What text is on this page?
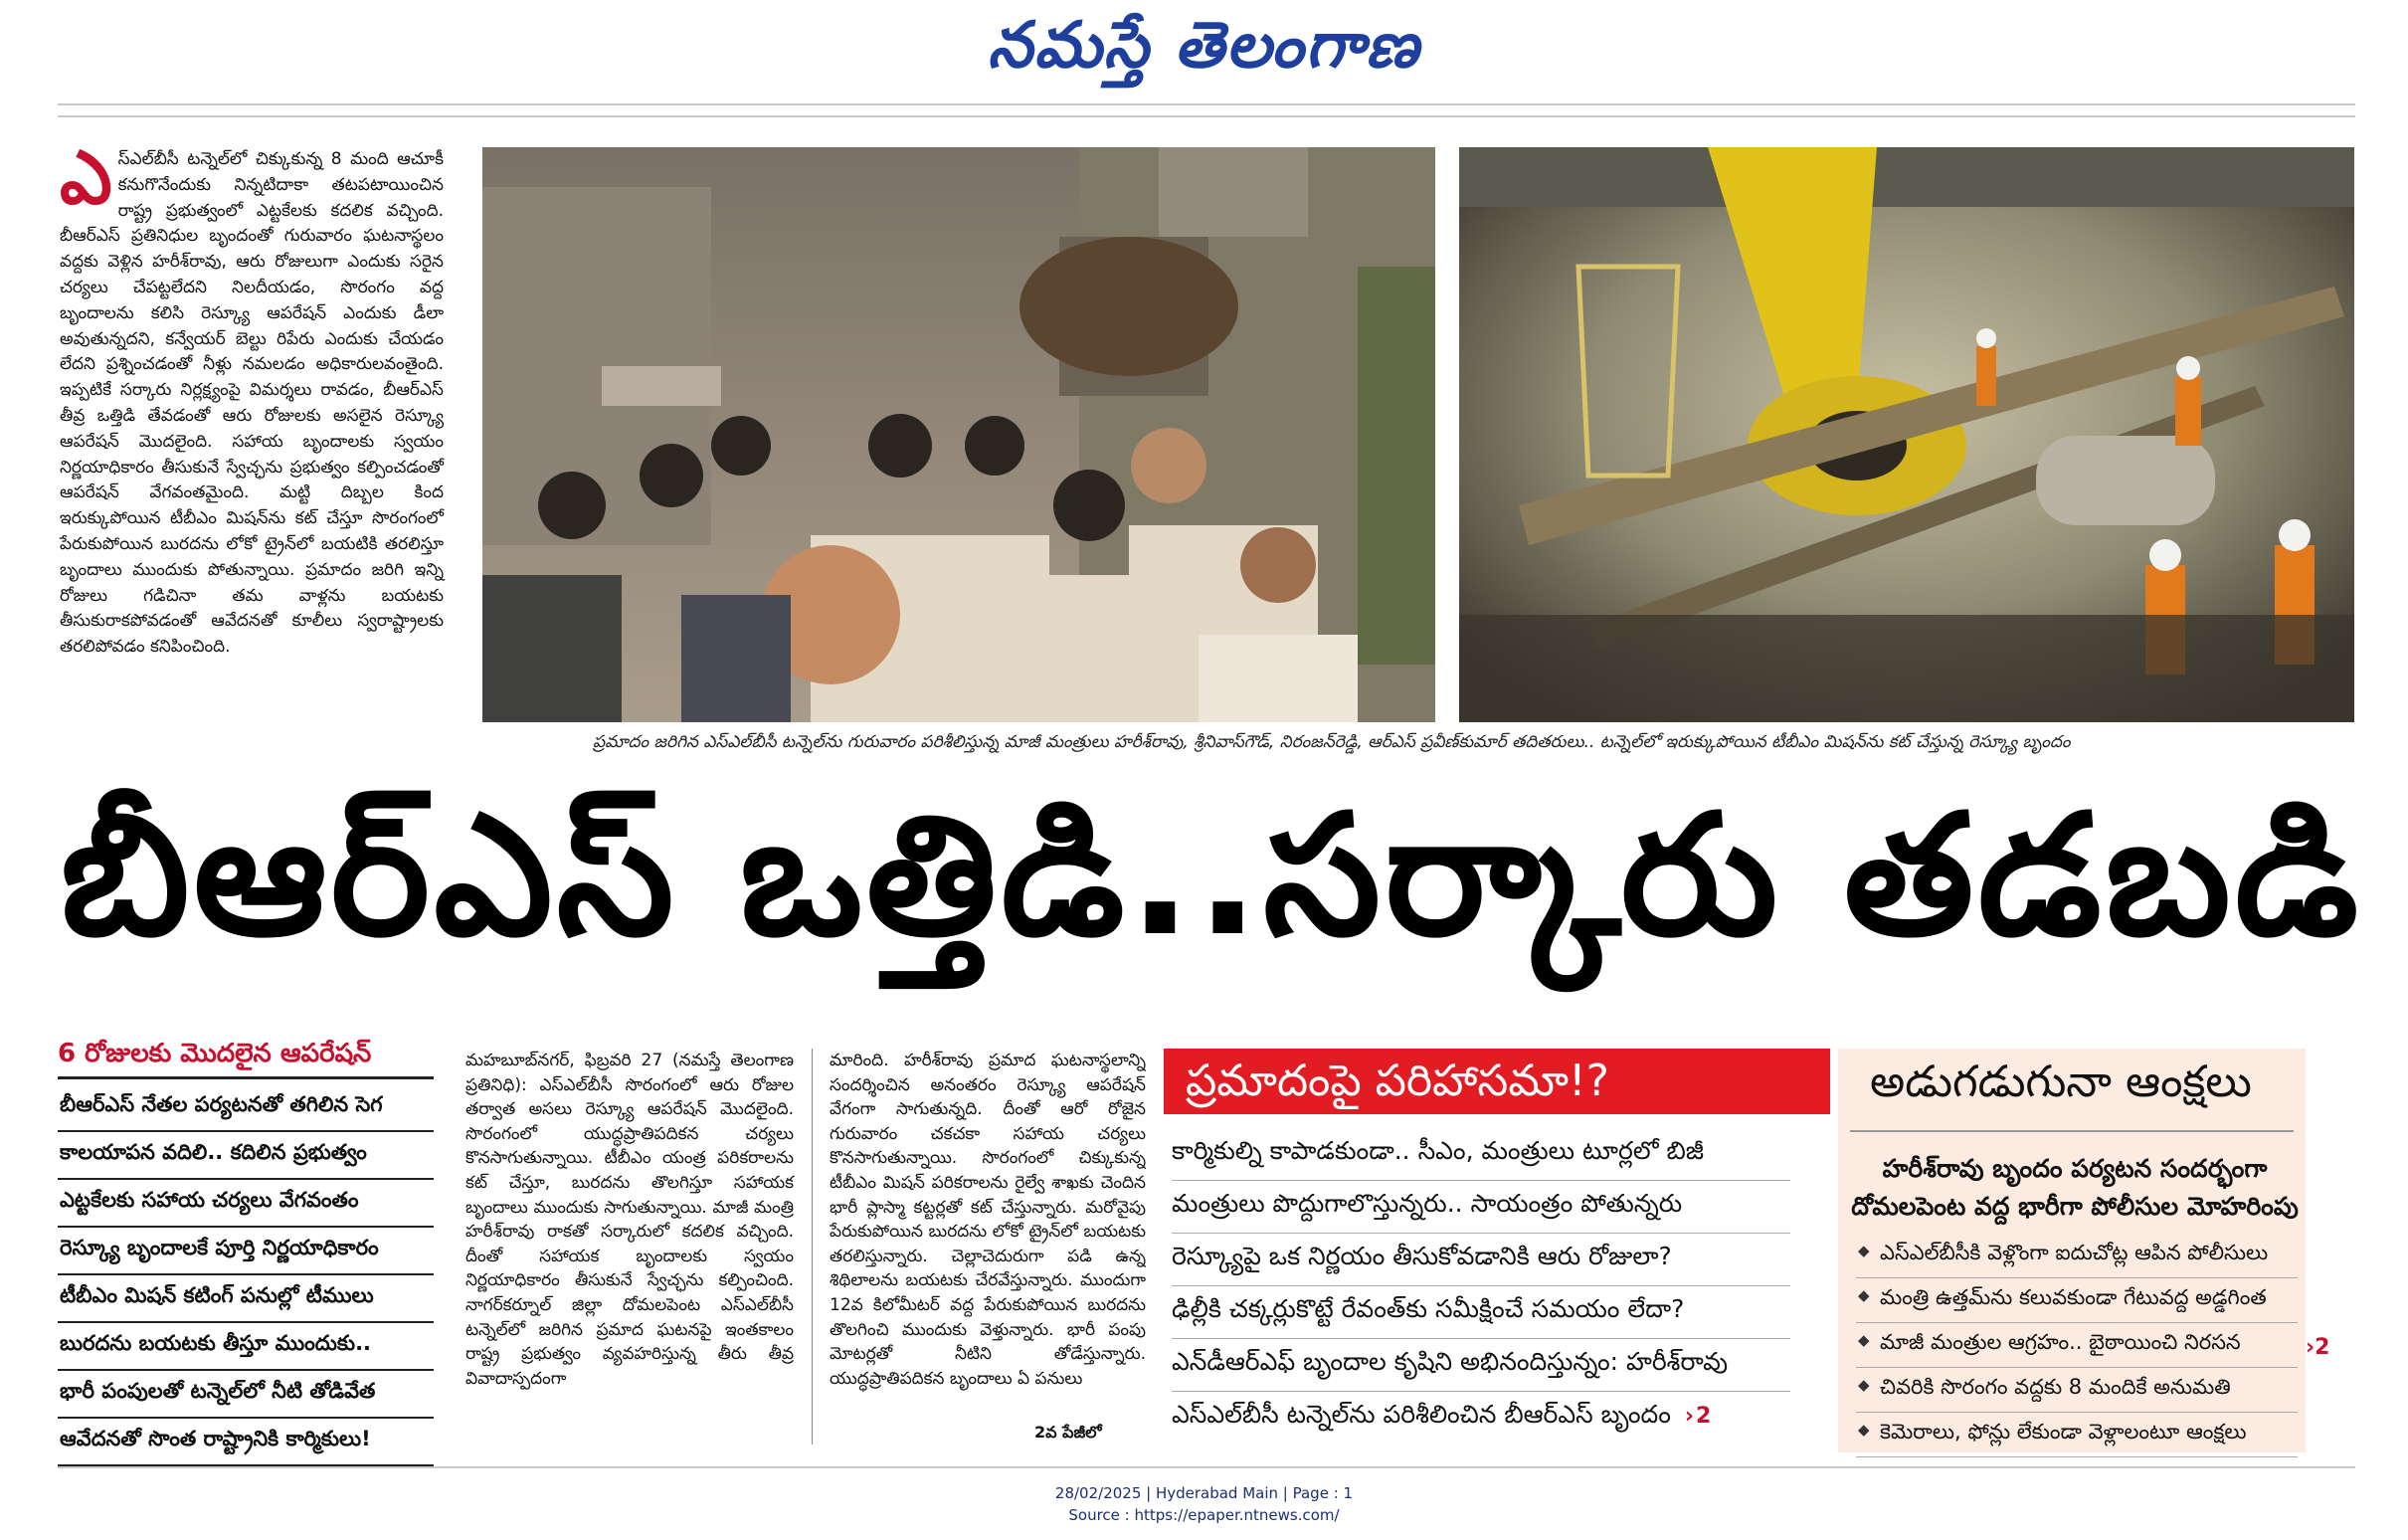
నమస్తే తెలంగాణ
ఎస్ఎల్‌బీసీ టన్నెల్‌లో చిక్కుకున్న 8 మంది ఆచూకీ కనుగొనేందుకు నిన్నటిదాకా తటపటాయించిన రాష్ట్ర ప్రభుత్వంలో ఎట్టకేలకు కదలిక వచ్చింది. బీఆర్‌ఎస్ ప్రతినిధుల బృందంతో గురువారం ఘటనాస్థలం వద్దకు వెళ్లిన హరీశ్‌రావు, ఆరు రోజులుగా ఎందుకు సరైన చర్యలు చేపట్టలేదని నిలదీయడం, సొరంగం వద్ద బృందాలను కలిసి రెస్క్యూ ఆపరేషన్ ఎందుకు డీలా అవుతున్నదని, కన్వేయర్ బెల్టు రిపేరు ఎందుకు చేయడం లేదని ప్రశ్నించడంతో నీళ్లు నమలడం అధికారులవంతైంది. ఇప్పటికే సర్కారు నిర్లక్ష్యంపై విమర్శలు రావడం, బీఆర్‌ఎస్ తీవ్ర ఒత్తిడి తేవడంతో ఆరు రోజులకు అసలైన రెస్క్యూ ఆపరేషన్ మొదలైంది. సహాయ బృందాలకు స్వయం నిర్ణయాధికారం తీసుకునే స్వేచ్ఛను ప్రభుత్వం కల్పించడంతో ఆపరేషన్ వేగవంతమైంది. మట్టి దిబ్బల కింద ఇరుక్కుపోయిన టీబీఎం మిషన్‌ను కట్ చేస్తూ సొరంగంలో పేరుకుపోయిన బురదను లోకో ట్రైన్‌లో బయటికి తరలిస్తూ బృందాలు ముందుకు పోతున్నాయి. ప్రమాదం జరిగి ఇన్ని రోజులు గడిచినా తమ వాళ్లను బయటకు తీసుకురాకపోవడంతో ఆవేదనతో కూలీలు స్వరాష్ట్రాలకు తరలిపోవడం కనిపించింది.
ప్రమాదం జరిగిన ఎస్ఎల్‌బీసీ టన్నెల్‌ను గురువారం పరిశీలిస్తున్న మాజీ మంత్రులు హరీశ్‌రావు, శ్రీనివాస్‌గౌడ్, నిరంజన్‌రెడ్డి, ఆర్‌ఎస్ ప్రవీణ్‌కుమార్ తదితరులు.. టన్నెల్‌లో ఇరుక్కుపోయిన టీబీఎం మిషన్‌ను కట్ చేస్తున్న రెస్క్యూ బృందం
బీఆర్‌ఎస్ ఒత్తిడి..సర్కారు తడబడి
6 రోజులకు మొదలైన ఆపరేషన్
బీఆర్‌ఎస్ నేతల పర్యటనతో తగిలిన సెగ
కాలయాపన వదిలి.. కదిలిన ప్రభుత్వం
ఎట్టకేలకు సహాయ చర్యలు వేగవంతం
రెస్క్యూ బృందాలకే పూర్తి నిర్ణయాధికారం
టీబీఎం మిషన్ కటింగ్ పనుల్లో టీములు
బురదను బయటకు తీస్తూ ముందుకు..
భారీ పంపులతో టన్నెల్‌లో నీటి తోడివేత
ఆవేదనతో సొంత రాష్ట్రానికి కార్మికులు!
మహబూబ్‌నగర్, ఫిబ్రవరి 27 (నమస్తే తెలంగాణ ప్రతినిధి): ఎస్ఎల్‌బీసీ సొరంగంలో ఆరు రోజుల తర్వాత అసలు రెస్క్యూ ఆపరేషన్ మొదలైంది. సొరంగంలో యుద్ధప్రాతిపదికన చర్యలు కొనసాగుతున్నాయి. టీబీఎం యంత్ర పరికరాలను కట్ చేస్తూ, బురదను తొలగిస్తూ సహాయక బృందాలు ముందుకు సాగుతున్నాయి. మాజీ మంత్రి హరీశ్‌రావు రాకతో సర్కారులో కదలిక వచ్చింది. దీంతో సహాయక బృందాలకు స్వయం నిర్ణయాధికారం తీసుకునే స్వేచ్ఛను కల్పించింది. నాగర్‌కర్నూల్ జిల్లా దోమలపెంట ఎస్ఎల్‌బీసీ టన్నెల్‌లో జరిగిన ప్రమాద ఘటనపై ఇంతకాలం రాష్ట్ర ప్రభుత్వం వ్యవహరిస్తున్న తీరు తీవ్ర వివాదాస్పదంగా
మారింది. హరీశ్‌రావు ప్రమాద ఘటనాస్థలాన్ని సందర్శించిన అనంతరం రెస్క్యూ ఆపరేషన్ వేగంగా సాగుతున్నది. దీంతో ఆరో రోజైన గురువారం చకచకా సహాయ చర్యలు కొనసాగుతున్నాయి. సొరంగంలో చిక్కుకున్న టీబీఎం మిషన్ పరికరాలను రైల్వే శాఖకు చెందిన భారీ ప్లాస్మా కట్టర్లతో కట్ చేస్తున్నారు. మరోవైపు పేరుకుపోయిన బురదను లోకో ట్రైన్‌లో బయటకు తరలిస్తున్నారు. చెల్లాచెదురుగా పడి ఉన్న శిథిలాలను బయటకు చేరవేస్తున్నారు. ముందుగా 12వ కిలోమీటర్ వద్ద పేరుకుపోయిన బురదను తొలగించి ముందుకు వెళ్తున్నారు. భారీ పంపు మోటర్లతో నీటిని తోడేస్తున్నారు. యుద్ధప్రాతిపదికన బృందాలు ఏ పనులు
2వ పేజీలో
ప్రమాదంపై పరిహాసమా!?
కార్మికుల్ని కాపాడకుండా.. సీఎం, మంత్రులు టూర్లలో బిజీ
మంత్రులు పొద్దుగాలొస్తున్నరు.. సాయంత్రం పోతున్నరు
రెస్క్యూపై ఒక నిర్ణయం తీసుకోవడానికి ఆరు రోజులా?
ఢిల్లీకి చక్కర్లుకొట్టే రేవంత్‌కు సమీక్షించే సమయం లేదా?
ఎన్‌డీఆర్ఎఫ్ బృందాల కృషిని అభినందిస్తున్నం: హరీశ్‌రావు
ఎస్ఎల్‌బీసీ టన్నెల్‌ను పరిశీలించిన బీఆర్‌ఎస్ బృందం ›2
అడుగడుగునా ఆంక్షలు
హరీశ్‌రావు బృందం పర్యటన సందర్భంగా దోమలపెంట వద్ద భారీగా పోలీసుల మోహరింపు
◆ ఎస్ఎల్‌బీసీకి వెళ్లొంగా ఐదుచోట్ల ఆపిన పోలీసులు
◆ మంత్రి ఉత్తమ్‌ను కలువకుండా గేటువద్ద అడ్డగింత
◆ మాజీ మంత్రుల ఆగ్రహం.. బైఠాయించి నిరసన
◆ చివరికి సొరంగం వద్దకు 8 మందికే అనుమతి
◆ కెమెరాలు, ఫోన్లు లేకుండా వెళ్లాలంటూ ఆంక్షలు
›2
28/02/2025 | Hyderabad Main | Page : 1
Source : https://epaper.ntnews.com/
